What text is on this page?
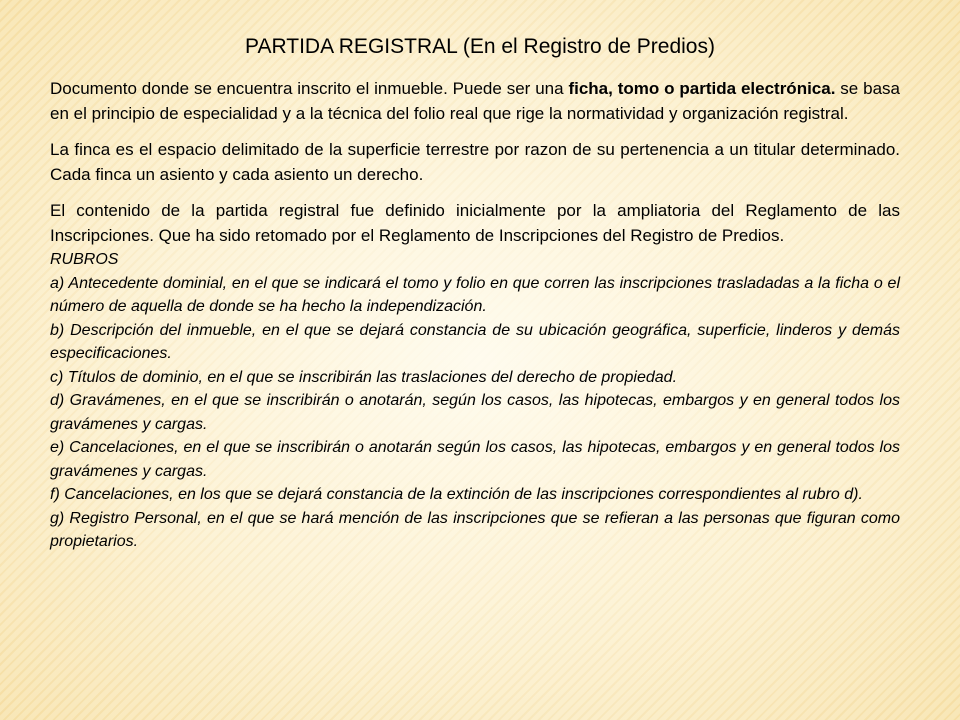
PARTIDA REGISTRAL (En el Registro de Predios)

Documento donde se encuentra inscrito el inmueble. Puede ser una ficha, tomo o partida electrónica. se basa en el principio de especialidad y a la técnica del folio real que rige la normatividad y organización registral.

La finca es el espacio delimitado de la superficie terrestre por razon de su pertenencia a un titular determinado. Cada finca un asiento y cada asiento un derecho.

El contenido de la partida registral fue definido inicialmente por la ampliatoria del Reglamento de las Inscripciones. Que ha sido retomado por el Reglamento de Inscripciones del Registro de Predios.

RUBROS

a) Antecedente dominial, en el que se indicará el tomo y folio en que corren las inscripciones trasladadas a la ficha o el número de aquella de donde se ha hecho la independización.

b) Descripción del inmueble, en el que se dejará constancia de su ubicación geográfica, superficie, linderos y demás especificaciones.

c) Títulos de dominio, en el que se inscribirán las traslaciones del derecho de propiedad.

d) Gravámenes, en el que se inscribirán o anotarán, según los casos, las hipotecas, embargos y en general todos los gravámenes y cargas.

e) Cancelaciones, en el que se inscribirán o anotarán según los casos, las hipotecas, embargos y en general todos los gravámenes y cargas.

f) Cancelaciones, en los que se dejará constancia de la extinción de las inscripciones correspondientes al rubro d).

g) Registro Personal, en el que se hará mención de las inscripciones que se refieran a las personas que figuran como propietarios.
